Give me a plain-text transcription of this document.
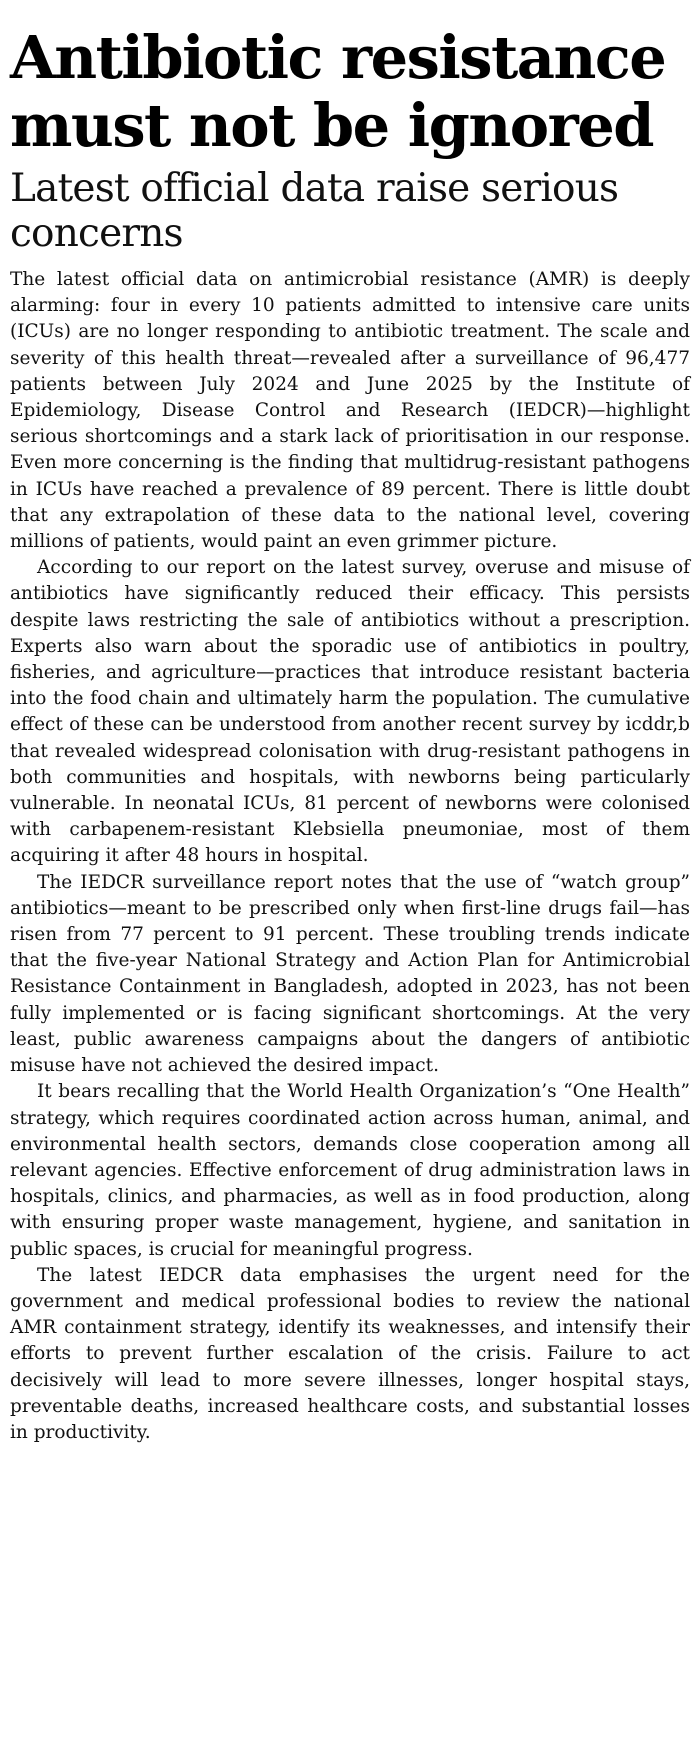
Antibiotic resistance must not be ignored
Latest official data raise serious concerns

The latest official data on antimicrobial resistance (AMR) is deeply alarming: four in every 10 patients admitted to intensive care units (ICUs) are no longer responding to antibiotic treatment. The scale and severity of this health threat—revealed after a surveillance of 96,477 patients between July 2024 and June 2025 by the Institute of Epidemiology, Disease Control and Research (IEDCR)—highlight serious shortcomings and a stark lack of prioritisation in our response. Even more concerning is the finding that multidrug-resistant pathogens in ICUs have reached a prevalence of 89 percent. There is little doubt that any extrapolation of these data to the national level, covering millions of patients, would paint an even grimmer picture.

According to our report on the latest survey, overuse and misuse of antibiotics have significantly reduced their efficacy. This persists despite laws restricting the sale of antibiotics without a prescription. Experts also warn about the sporadic use of antibiotics in poultry, fisheries, and agriculture—practices that introduce resistant bacteria into the food chain and ultimately harm the population. The cumulative effect of these can be understood from another recent survey by icddr,b that revealed widespread colonisation with drug-resistant pathogens in both communities and hospitals, with newborns being particularly vulnerable. In neonatal ICUs, 81 percent of newborns were colonised with carbapenem-resistant Klebsiella pneumoniae, most of them acquiring it after 48 hours in hospital.

The IEDCR surveillance report notes that the use of “watch group” antibiotics—meant to be prescribed only when first-line drugs fail—has risen from 77 percent to 91 percent. These troubling trends indicate that the five-year National Strategy and Action Plan for Antimicrobial Resistance Containment in Bangladesh, adopted in 2023, has not been fully implemented or is facing significant shortcomings. At the very least, public awareness campaigns about the dangers of antibiotic misuse have not achieved the desired impact.

It bears recalling that the World Health Organization’s “One Health” strategy, which requires coordinated action across human, animal, and environmental health sectors, demands close cooperation among all relevant agencies. Effective enforcement of drug administration laws in hospitals, clinics, and pharmacies, as well as in food production, along with ensuring proper waste management, hygiene, and sanitation in public spaces, is crucial for meaningful progress.

The latest IEDCR data emphasises the urgent need for the government and medical professional bodies to review the national AMR containment strategy, identify its weaknesses, and intensify their efforts to prevent further escalation of the crisis. Failure to act decisively will lead to more severe illnesses, longer hospital stays, preventable deaths, increased healthcare costs, and substantial losses in productivity.
